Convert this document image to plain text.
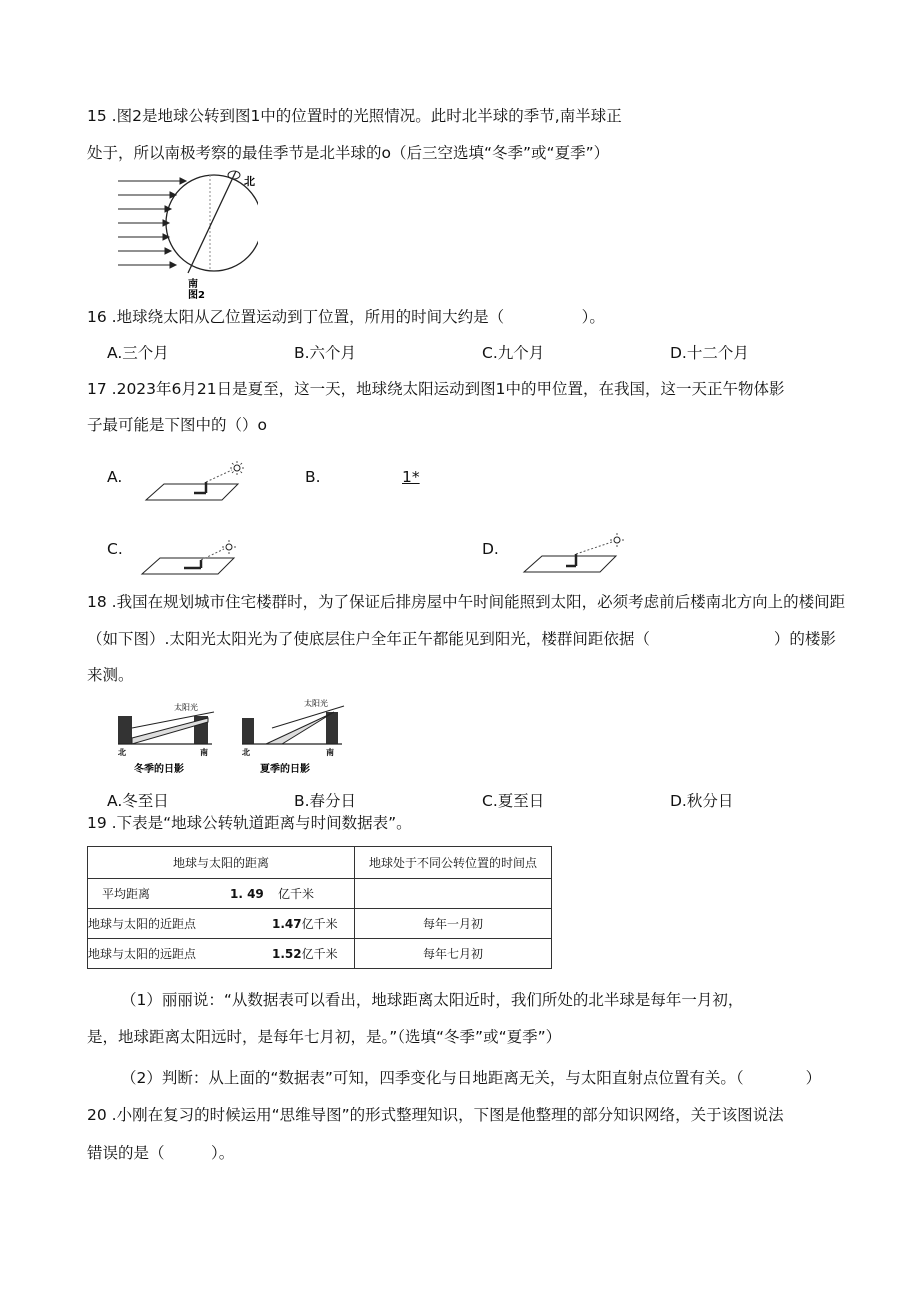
15 .图2是地球公转到图1中的位置时的光照情况。此时北半球的季节,南半球正
处于，所以南极考察的最佳季节是北半球的o（后三空选填“冬季”或“夏季”）
北
南
图2
16 .地球绕太阳从乙位置运动到丁位置，所用的时间大约是（　　　　　）。
A.三个月	B.六个月	C.九个月	D.十二个月
17 .2023年6月21日是夏至，这一天，地球绕太阳运动到图1中的甲位置，在我国，这一天正午物体影
子最可能是下图中的（）o
A.	B.	1*
C.	D.
18 .我国在规划城市住宅楼群时，为了保证后排房屋中午时间能照到太阳，必须考虑前后楼南北方向上的楼间距
（如下图）.太阳光太阳光为了使底层住户全年正午都能见到阳光，楼群间距依据（　　　　　　　　）的楼影
来测。
太阳光
北	南
冬季的日影
太阳光
北	南
夏季的日影
A.冬至日	B.春分日	C.夏至日	D.秋分日
19 .下表是“地球公转轨道距离与时间数据表”。
地球与太阳的距离	地球处于不同公转位置的时间点
平均距离 1. 49 亿千米	
地球与太阳的近距点 1.47亿千米	每年一月初
地球与太阳的远距点 1.52亿千米	每年七月初
（1）丽丽说：“从数据表可以看出，地球距离太阳近时，我们所处的北半球是每年一月初，
是，地球距离太阳远时，是每年七月初，是。”（选填“冬季”或“夏季”）
（2）判断：从上面的“数据表”可知，四季变化与日地距离无关，与太阳直射点位置有关。（　　　　）
20 .小刚在复习的时候运用“思维导图”的形式整理知识，下图是他整理的部分知识网络，关于该图说法
错误的是（　　　）。
